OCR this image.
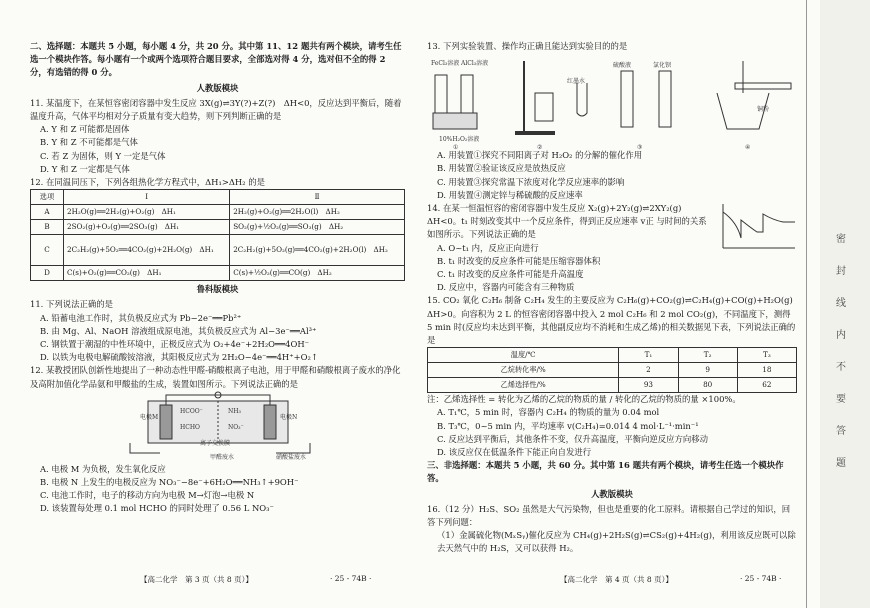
二、选择题：本题共 5 小题，每小题 4 分，共 20 分。其中第 11、12 题共有两个模块，请考生任选一个模块作答。每小题有一个或两个选项符合题目要求，全部选对得 4 分，选对但不全的得 2 分，有选错的得 0 分。

人教版模块

11. 某温度下，在某恒容密闭容器中发生反应 3X(g)⇌3Y(?)+Z(?)　ΔH<0，反应达到平衡后，随着温度升高，气体平均相对分子质量有变大趋势，则下列判断正确的是

A. Y 和 Z 可能都是固体

B. Y 和 Z 不可能都是气体

C. 若 Z 为固体，则 Y 一定是气体

D. Y 和 Z 一定都是气体

12. 在同温同压下，下列各组热化学方程式中，ΔH₁>ΔH₂ 的是

选项	Ⅰ	Ⅱ
A	2H₂O(g)══2H₂(g)+O₂(g)　ΔH₁	2H₂(g)+O₂(g)══2H₂O(l)　ΔH₂
B	2SO₂(g)+O₂(g)══2SO₃(g)　ΔH₁	SO₂(g)+½O₂(g)══SO₃(g)　ΔH₂
C	2C₂H₂(g)+5O₂══4CO₂(g)+2H₂O(g)　ΔH₁	2C₂H₂(g)+5O₂(g)══4CO₂(g)+2H₂O(l)　ΔH₂
D	C(s)+O₂(g)══CO₂(g)　ΔH₁	C(s)+½O₂(g)══CO(g)　ΔH₂

鲁科版模块

11. 下列说法正确的是

A. 铅蓄电池工作时，其负极反应式为 Pb−2e⁻══Pb²⁺

B. 由 Mg、Al、NaOH 溶液组成原电池，其负极反应式为 Al−3e⁻══Al³⁺

C. 钢铁置于潮湿的中性环境中，正极反应式为 O₂+4e⁻+2H₂O══4OH⁻

D. 以铁为电极电解硫酸铵溶液，其阳极反应式为 2H₂O−4e⁻══4H⁺+O₂↑

12. 某教授团队创新性地提出了一种动态性甲醛-硝酸根离子电池，用于甲醛和硝酸根离子废水的净化及高附加值化学品氨和甲酸盐的生成，装置如图所示。下列说法正确的是

电极M	电极N
HCOO⁻	NH₃
HCHO	NO₃⁻
离子交换膜
甲醛废水	硝酸盐废水

A. 电极 M 为负极，发生氧化反应

B. 电极 N 上发生的电极反应为 NO₃⁻−8e⁻+6H₂O══NH₃↑+9OH⁻

C. 电池工作时，电子的移动方向为电极 M→灯泡→电极 N

D. 该装置每处理 0.1 mol HCHO 的同时处理了 0.56 L NO₃⁻

【高二化学　第 3 页（共 8 页）】	· 25 - 74B ·

13. 下列实验装置、操作均正确且能达到实验目的的是

FeCl₃溶液 AlCl₃溶液
10%H₂O₂溶液
①	②	③	④
红墨水
硫酸液	氯化钡
铜粉

A. 用装置①探究不同阳离子对 H₂O₂ 的分解的催化作用

B. 用装置②验证该反应是放热反应

C. 用装置③探究常温下浓度对化学反应速率的影响

D. 用装置④测定锌与稀硫酸的反应速率

14. 在某一恒温恒容的密闭容器中发生反应 X₂(g)+2Y₂(g)⇌2XY₂(g)　ΔH<0。t₁ 时刻改变其中一个反应条件，得到正反应速率 v正 与时间的关系如图所示。下列说法正确的是

A. O~t₁ 内，反应正向进行

B. t₁ 时改变的反应条件可能是压缩容器体积

C. t₁ 时改变的反应条件可能是升高温度

D. 反应中，容器内可能含有三种物质

15. CO₂ 氧化 C₂H₆ 制备 C₂H₄ 发生的主要反应为 C₂H₆(g)+CO₂(g)⇌C₂H₄(g)+CO(g)+H₂O(g)　ΔH>0。向容积为 2 L 的恒容密闭容器中投入 2 mol C₂H₆ 和 2 mol CO₂(g)，不同温度下，测得 5 min 时(反应均未达到平衡，其他副反应均不消耗和生成乙烯)的相关数据见下表，下列说法正确的是

温度/℃	T₁	T₂	T₃
乙烷转化率/%	2	9	18
乙烯选择性/%	93	80	62

注：乙烯选择性 = 转化为乙烯的乙烷的物质的量 / 转化的乙烷的物质的量 ×100%。

A. T₁℃，5 min 时，容器内 C₂H₄ 的物质的量为 0.04 mol

B. T₃℃，0~5 min 内，平均速率 v(C₂H₄)=0.014 4 mol·L⁻¹·min⁻¹

C. 反应达到平衡后，其他条件不变，仅升高温度，平衡向逆反应方向移动

D. 该反应仅在低温条件下能正向自发进行

三、非选择题：本题共 5 小题，共 60 分。其中第 16 题共有两个模块，请考生任选一个模块作答。

人教版模块

16.（12 分）H₂S、SO₂ 虽然是大气污染物，但也是重要的化工原料。请根据自己学过的知识，回答下列问题：

（1）金属硫化物(MₓSᵧ)催化反应为 CH₄(g)+2H₂S(g)⇌CS₂(g)+4H₂(g)，利用该反应既可以除去天然气中的 H₂S，又可以获得 H₂。

【高二化学　第 4 页（共 8 页）】	· 25 - 74B ·
密
封
线
内
不
要
答
题
